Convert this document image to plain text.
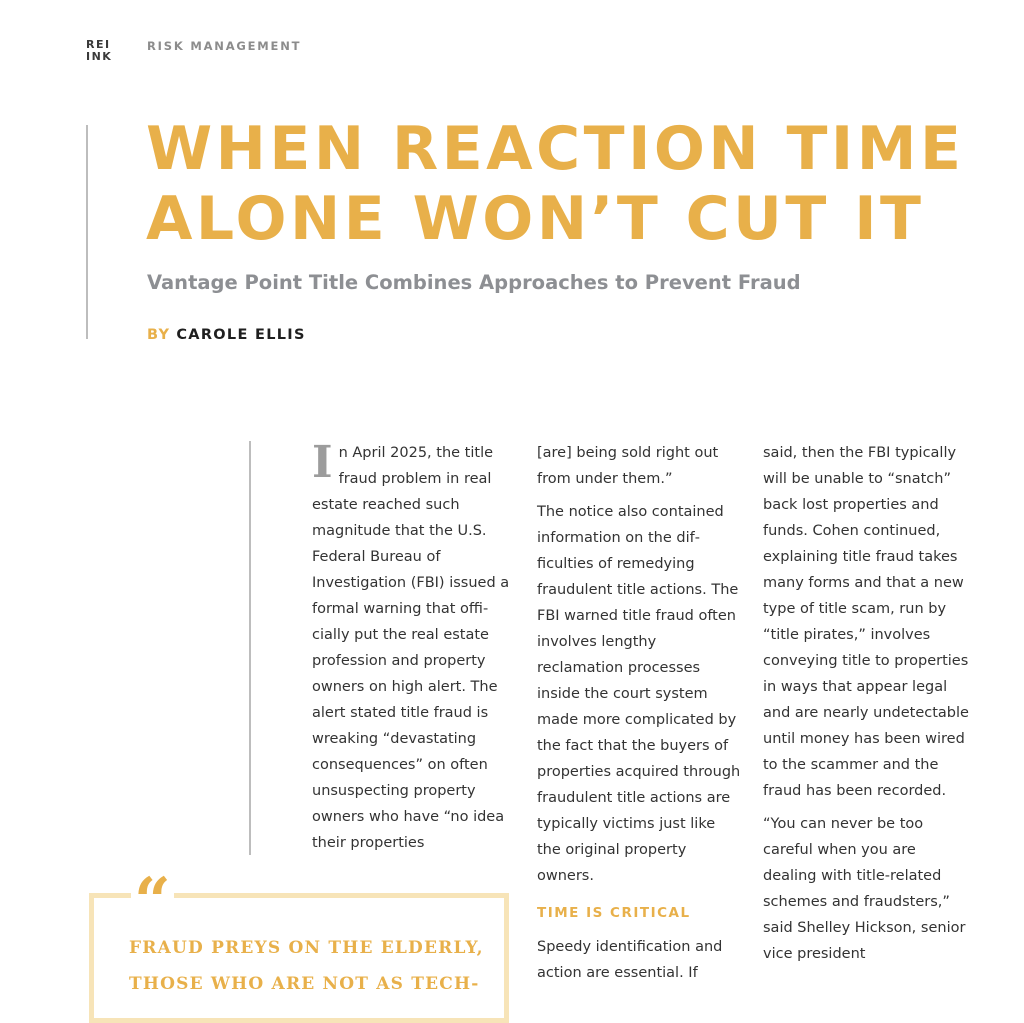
REI
INK
RISK MANAGEMENT
WHEN REACTION TIME
ALONE WON’T CUT IT
Vantage Point Title Combines Approaches to Prevent Fraud
BY CAROLE ELLIS

In April 2025, the title fraud problem in real estate reached such magnitude that the U.S. Federal Bureau of Investigation (FBI) issued a formal warning that officially put the real estate profession and property owners on high alert. The alert stated title fraud is wreaking “devastating consequences” on often unsuspecting property owners who have “no idea their properties

[are] being sold right out from under them.”

The notice also contained information on the difficulties of remedying fraudulent title actions. The FBI warned title fraud often involves lengthy reclamation processes inside the court system made more complicated by the fact that the buyers of properties acquired through fraudulent title actions are typically victims just like the original property owners.

TIME IS CRITICAL

Speedy identification and action are essential. If

said, then the FBI typically will be unable to “snatch” back lost properties and funds. Cohen continued, explaining title fraud takes many forms and that a new type of title scam, run by “title pirates,” involves conveying title to properties in ways that appear legal and are nearly undetectable until money has been wired to the scammer and the fraud has been recorded.

“You can never be too careful when you are dealing with title-related schemes and fraudsters,” said Shelley Hickson, senior vice president

“

FRAUD PREYS ON THE ELDERLY,
THOSE WHO ARE NOT AS TECH-
